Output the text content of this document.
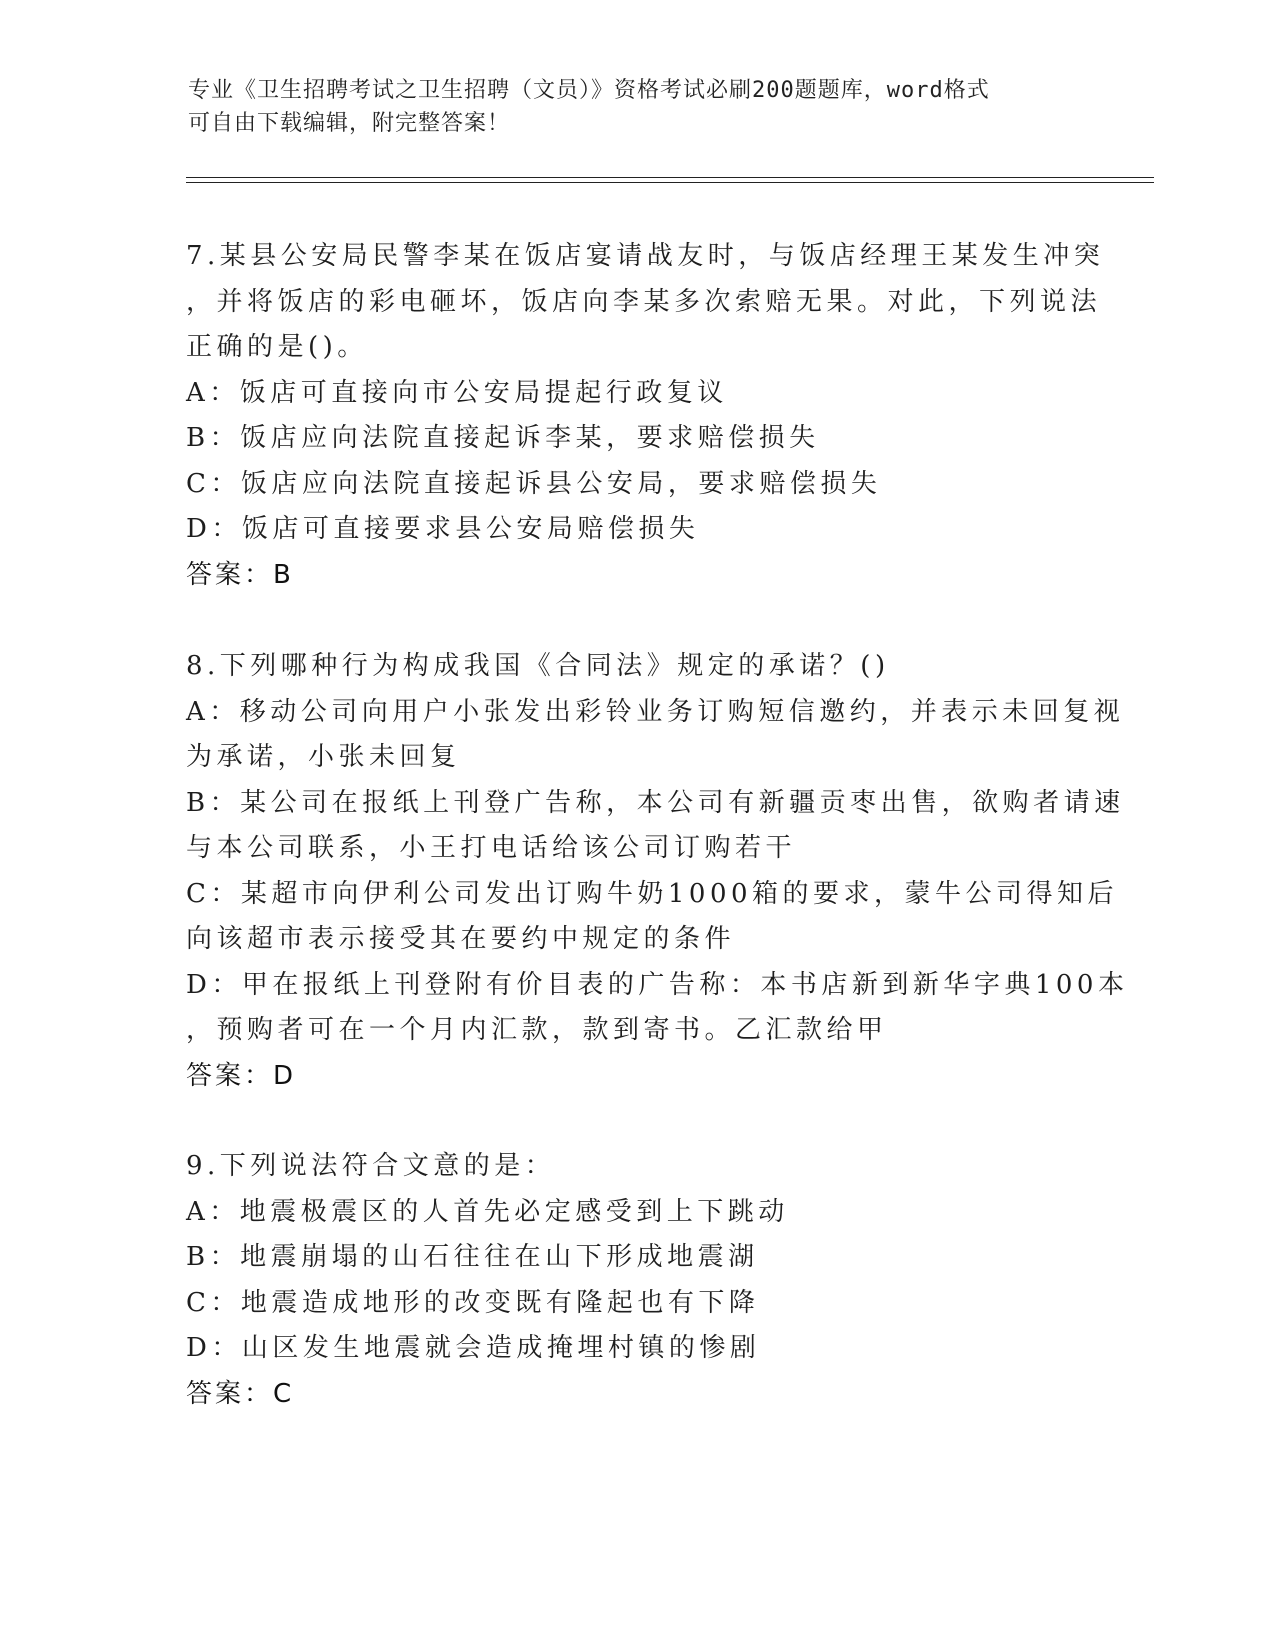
专业《卫生招聘考试之卫生招聘（文员）》资格考试必刷200题题库，word格式
可自由下载编辑，附完整答案！
7.某县公安局民警李某在饭店宴请战友时，与饭店经理王某发生冲突
，并将饭店的彩电砸坏，饭店向李某多次索赔无果。对此，下列说法
正确的是()。
A：饭店可直接向市公安局提起行政复议
B：饭店应向法院直接起诉李某，要求赔偿损失
C：饭店应向法院直接起诉县公安局，要求赔偿损失
D：饭店可直接要求县公安局赔偿损失
答案：B
8.下列哪种行为构成我国《合同法》规定的承诺？()
A：移动公司向用户小张发出彩铃业务订购短信邀约，并表示未回复视
为承诺，小张未回复
B：某公司在报纸上刊登广告称，本公司有新疆贡枣出售，欲购者请速
与本公司联系，小王打电话给该公司订购若干
C：某超市向伊利公司发出订购牛奶1000箱的要求，蒙牛公司得知后
向该超市表示接受其在要约中规定的条件
D：甲在报纸上刊登附有价目表的广告称：本书店新到新华字典100本
，预购者可在一个月内汇款，款到寄书。乙汇款给甲
答案：D
9.下列说法符合文意的是：
A：地震极震区的人首先必定感受到上下跳动
B：地震崩塌的山石往往在山下形成地震湖
C：地震造成地形的改变既有隆起也有下降
D：山区发生地震就会造成掩埋村镇的惨剧
答案：C
